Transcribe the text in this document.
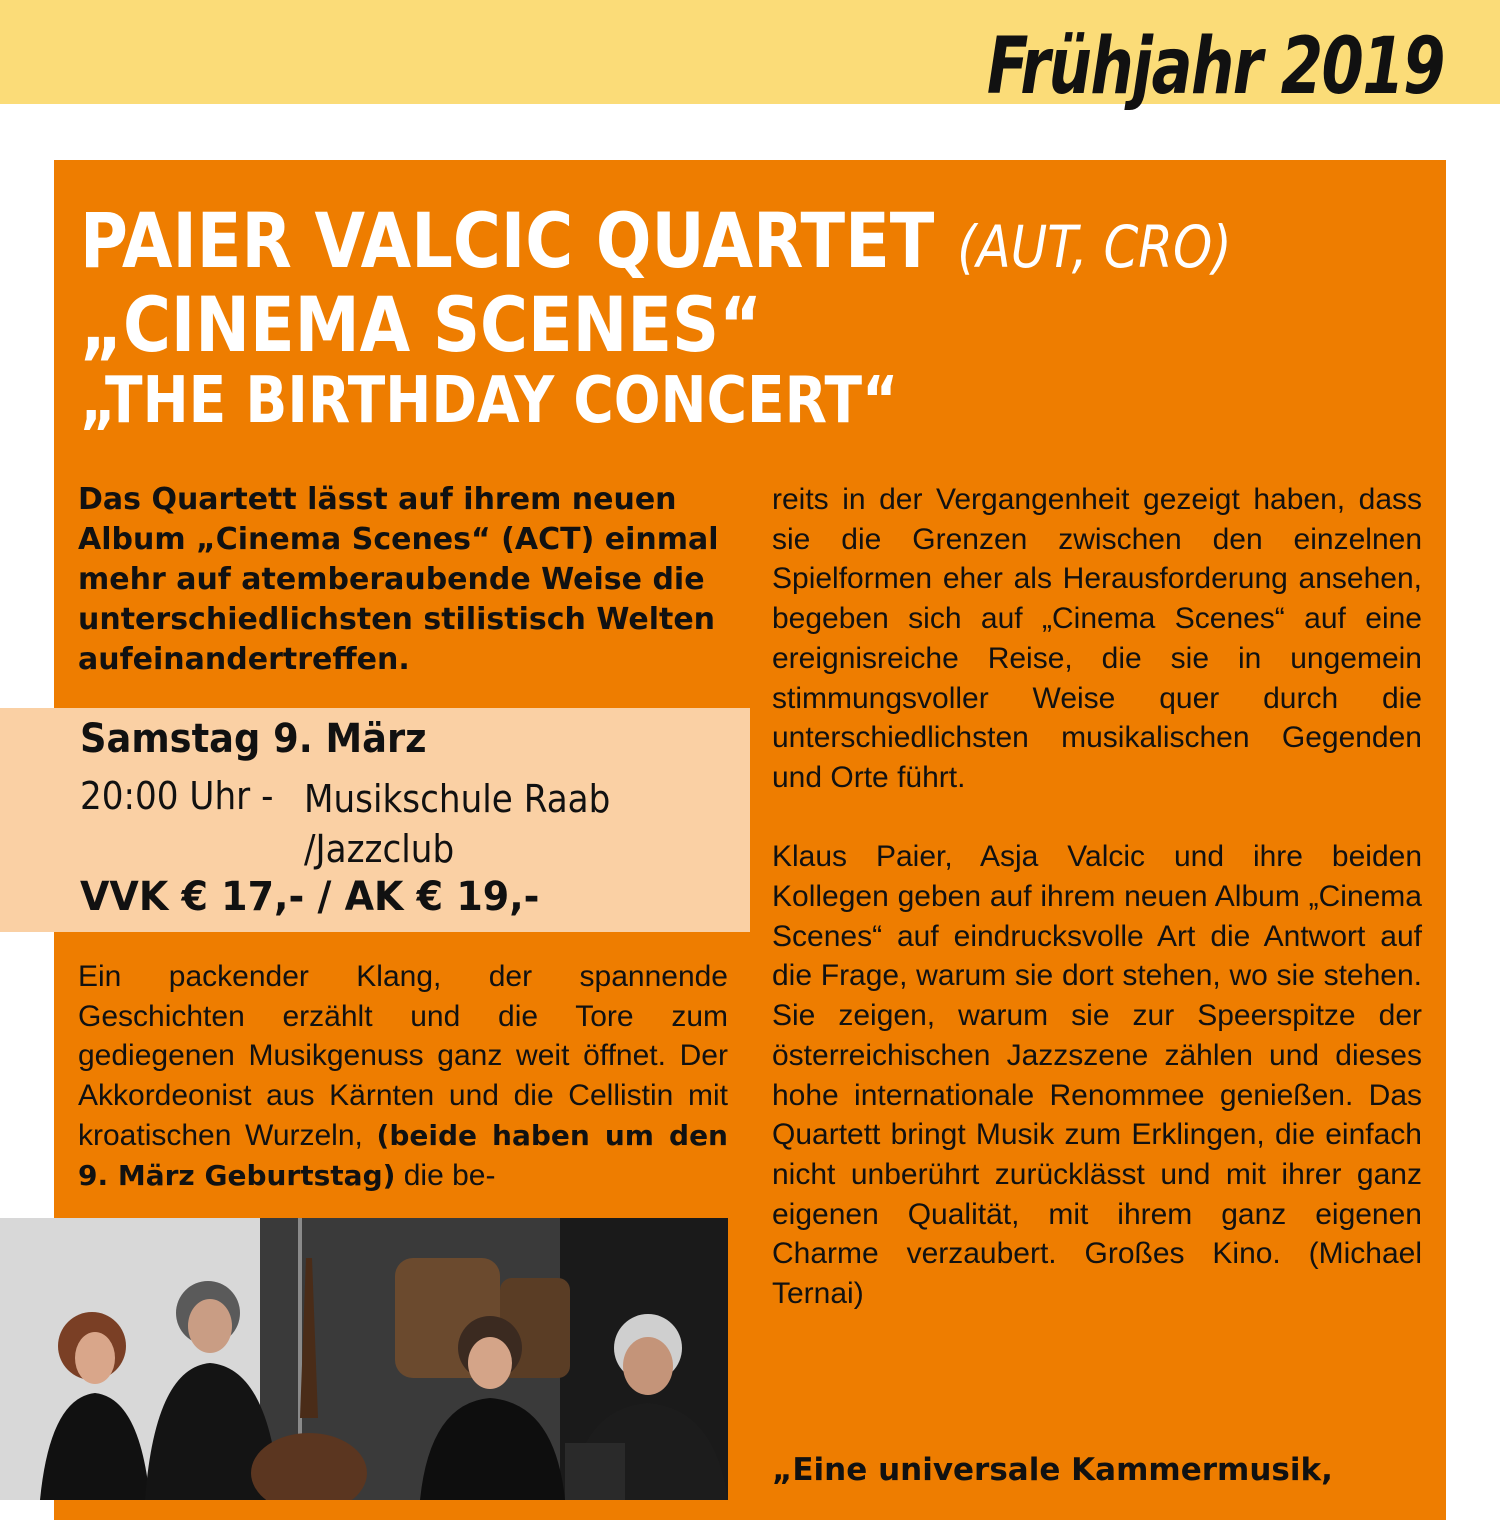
Frühjahr 2019
PAIER VALCIC QUARTET (AUT, CRO)
„CINEMA SCENES“
„THE BIRTHDAY CONCERT“
Das Quartett lässt auf ihrem neuen Album „Cinema Scenes“ (ACT) einmal mehr auf atemberaubende Weise die unterschiedlichsten stilistisch Welten aufeinandertreffen.
Samstag 9. März
20:00 Uhr - Musikschule Raab
/Jazzclub
VVK € 17,- / AK € 19,-
Ein packender Klang, der spannende Geschichten erzählt und die Tore zum gediegenen Musikgenuss ganz weit öffnet. Der Akkordeonist aus Kärnten und die Cellistin mit kroatischen Wurzeln, (beide haben um den 9. März Geburtstag) die be-

reits in der Vergangenheit gezeigt haben, dass sie die Grenzen zwischen den einzelnen Spielformen eher als Herausforderung ansehen, begeben sich auf „Cinema Scenes“ auf eine ereignisreiche Reise, die sie in ungemein stimmungsvoller Weise quer durch die unterschiedlichsten musikalischen Gegenden und Orte führt.

Klaus Paier, Asja Valcic und ihre beiden Kollegen geben auf ihrem neuen Album „Cinema Scenes“ auf eindrucksvolle Art die Antwort auf die Frage, warum sie dort stehen, wo sie stehen. Sie zeigen, warum sie zur Speerspitze der österreichischen Jazzszene zählen und dieses hohe internationale Renommee genießen. Das Quartett bringt Musik zum Erklingen, die einfach nicht unberührt zurücklässt und mit ihrer ganz eigenen Qualität, mit ihrem ganz eigenen Charme verzaubert. Großes Kino. (Michael Ternai)

„Eine universale Kammermusik,
